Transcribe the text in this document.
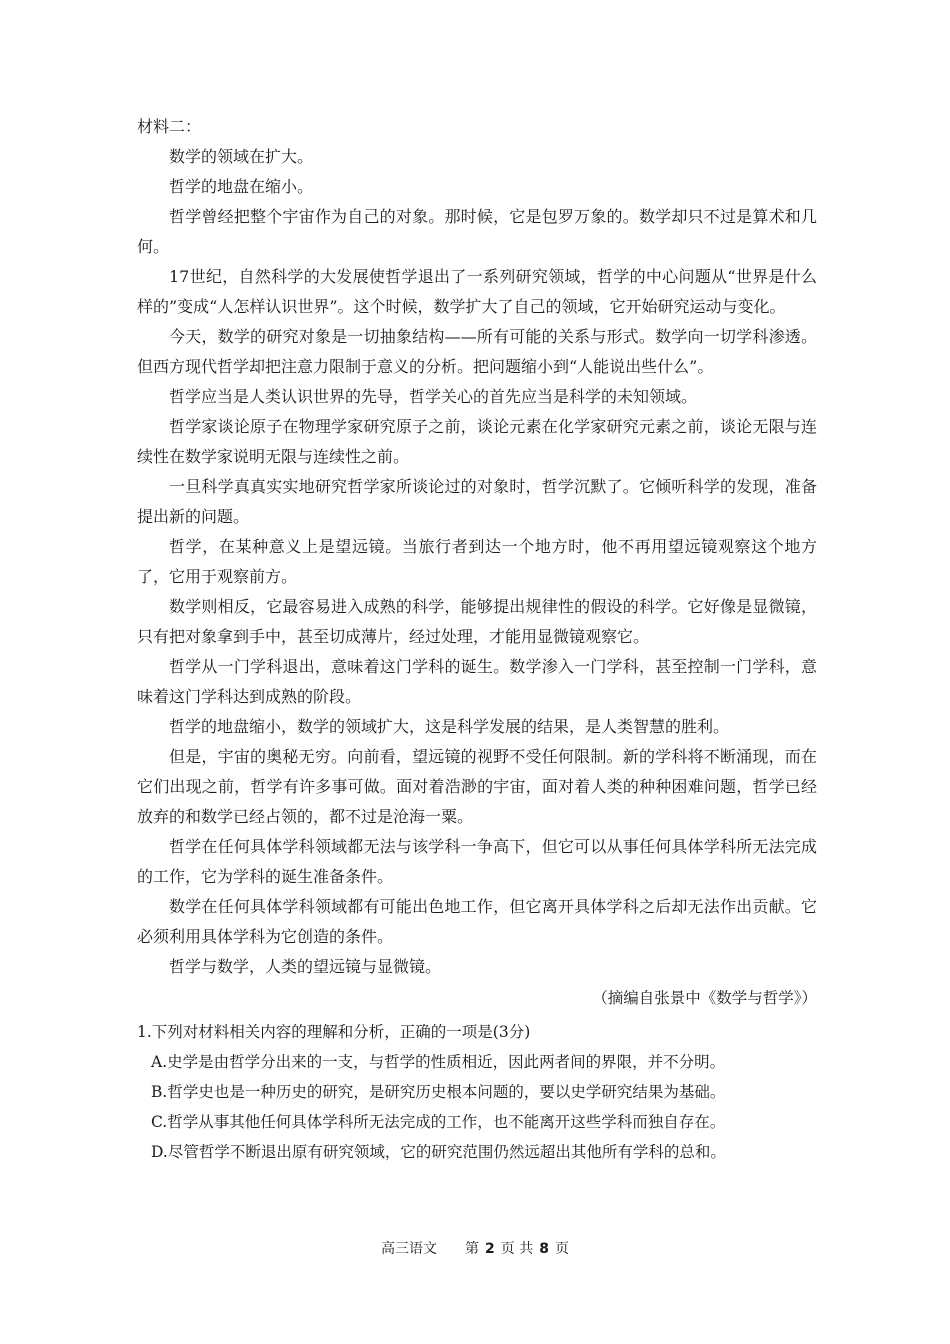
材料二：

数学的领域在扩大。

哲学的地盘在缩小。

哲学曾经把整个宇宙作为自己的对象。那时候，它是包罗万象的。数学却只不过是算术和几何。

17世纪，自然科学的大发展使哲学退出了一系列研究领域，哲学的中心问题从“世界是什么样的”变成“人怎样认识世界”。这个时候，数学扩大了自己的领域，它开始研究运动与变化。

今天，数学的研究对象是一切抽象结构——所有可能的关系与形式。数学向一切学科渗透。但西方现代哲学却把注意力限制于意义的分析。把问题缩小到“人能说出些什么”。

哲学应当是人类认识世界的先导，哲学关心的首先应当是科学的未知领域。

哲学家谈论原子在物理学家研究原子之前，谈论元素在化学家研究元素之前，谈论无限与连续性在数学家说明无限与连续性之前。

一旦科学真真实实地研究哲学家所谈论过的对象时，哲学沉默了。它倾听科学的发现，准备提出新的问题。

哲学，在某种意义上是望远镜。当旅行者到达一个地方时，他不再用望远镜观察这个地方了，它用于观察前方。

数学则相反，它最容易进入成熟的科学，能够提出规律性的假设的科学。它好像是显微镜，只有把对象拿到手中，甚至切成薄片，经过处理，才能用显微镜观察它。

哲学从一门学科退出，意味着这门学科的诞生。数学渗入一门学科，甚至控制一门学科，意味着这门学科达到成熟的阶段。

哲学的地盘缩小，数学的领域扩大，这是科学发展的结果，是人类智慧的胜利。

但是，宇宙的奥秘无穷。向前看，望远镜的视野不受任何限制。新的学科将不断涌现，而在它们出现之前，哲学有许多事可做。面对着浩渺的宇宙，面对着人类的种种困难问题，哲学已经放弃的和数学已经占领的，都不过是沧海一粟。

哲学在任何具体学科领域都无法与该学科一争高下，但它可以从事任何具体学科所无法完成的工作，它为学科的诞生准备条件。

数学在任何具体学科领域都有可能出色地工作，但它离开具体学科之后却无法作出贡献。它必须利用具体学科为它创造的条件。

哲学与数学，人类的望远镜与显微镜。

（摘编自张景中《数学与哲学》）
1.下列对材料相关内容的理解和分析，正确的一项是(3分)
A. 史学是由哲学分出来的一支，与哲学的性质相近，因此两者间的界限，并不分明。
B. 哲学史也是一种历史的研究，是研究历史根本问题的，要以史学研究结果为基础。
C. 哲学从事其他任何具体学科所无法完成的工作，也不能离开这些学科而独自存在。
D. 尽管哲学不断退出原有研究领域，它的研究范围仍然远超出其他所有学科的总和。
高三语文 第 2 页 共 8 页
